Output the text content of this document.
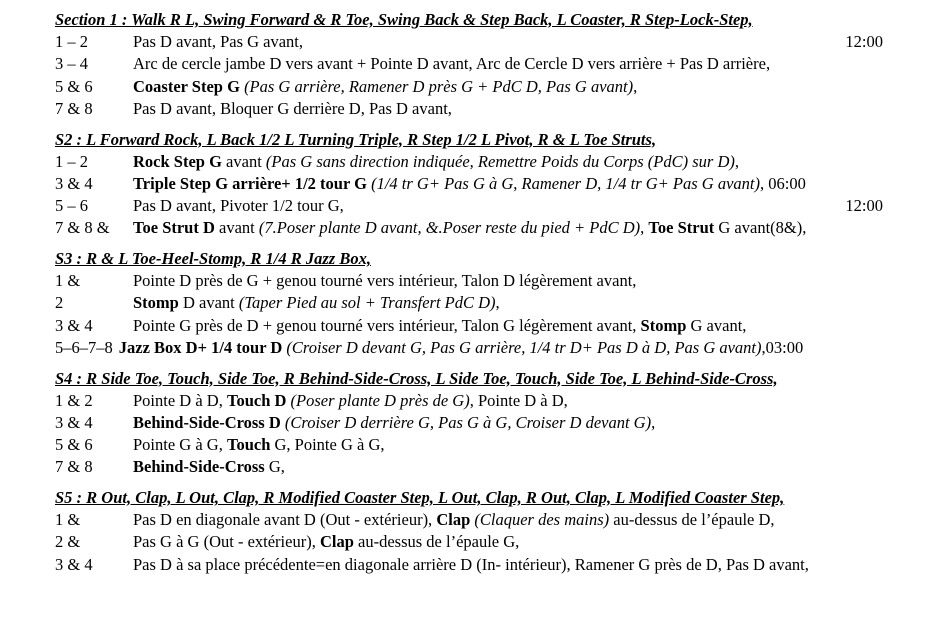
Section 1 : Walk R L, Swing Forward & R Toe, Swing Back & Step Back, L Coaster, R Step-Lock-Step,
1 – 2	Pas D avant, Pas G avant,	12:00
3 – 4	Arc de cercle jambe D vers avant + Pointe D avant, Arc de Cercle D vers arrière + Pas D arrière,
5 & 6 Coaster Step G (Pas G arrière, Ramener D près G + PdC D, Pas G avant),
7 & 8 Pas D avant, Bloquer G derrière D, Pas D avant,
S2 : L Forward Rock, L Back 1/2 L Turning Triple, R Step 1/2 L Pivot, R & L Toe Struts,
1 – 2	Rock Step G avant (Pas G sans direction indiquée, Remettre Poids du Corps (PdC) sur D),
3 & 4 Triple Step G arrière+ 1/2 tour G (1/4 tr G+ Pas G à G, Ramener D, 1/4 tr G+ Pas G avant), 06:00
5 – 6	Pas D avant, Pivoter 1/2 tour G,	12:00
7 & 8 & Toe Strut D avant (7.Poser plante D avant, &.Poser reste du pied + PdC D), Toe Strut G avant(8&),
S3 : R & L Toe-Heel-Stomp, R 1/4 R Jazz Box,
1 &	Pointe D près de G + genou tourné vers intérieur, Talon D légèrement avant,
2	Stomp D avant (Taper Pied au sol + Transfert PdC D),
3 & 4 Pointe G près de D + genou tourné vers intérieur, Talon G légèrement avant, Stomp G avant,
5–6–7–8 Jazz Box D+ 1/4 tour D (Croiser D devant G, Pas G arrière, 1/4 tr D+ Pas D à D, Pas G avant),03:00
S4 : R Side Toe, Touch, Side Toe, R Behind-Side-Cross, L Side Toe, Touch, Side Toe, L Behind-Side-Cross,
1 & 2 Pointe D à D, Touch D (Poser plante D près de G), Pointe D à D,
3 & 4 Behind-Side-Cross D (Croiser D derrière G, Pas G à G, Croiser D devant G),
5 & 6 Pointe G à G, Touch G, Pointe G à G,
7 & 8 Behind-Side-Cross G,
S5 : R Out, Clap, L Out, Clap, R Modified Coaster Step, L Out, Clap, R Out, Clap, L Modified Coaster Step,
1 &	Pas D en diagonale avant D (Out - extérieur), Clap (Claquer des mains) au-dessus de l’épaule D,
2 &	Pas G à G (Out - extérieur), Clap au-dessus de l’épaule G,
3 & 4 Pas D à sa place précédente=en diagonale arrière D (In- intérieur), Ramener G près de D, Pas D avant,
